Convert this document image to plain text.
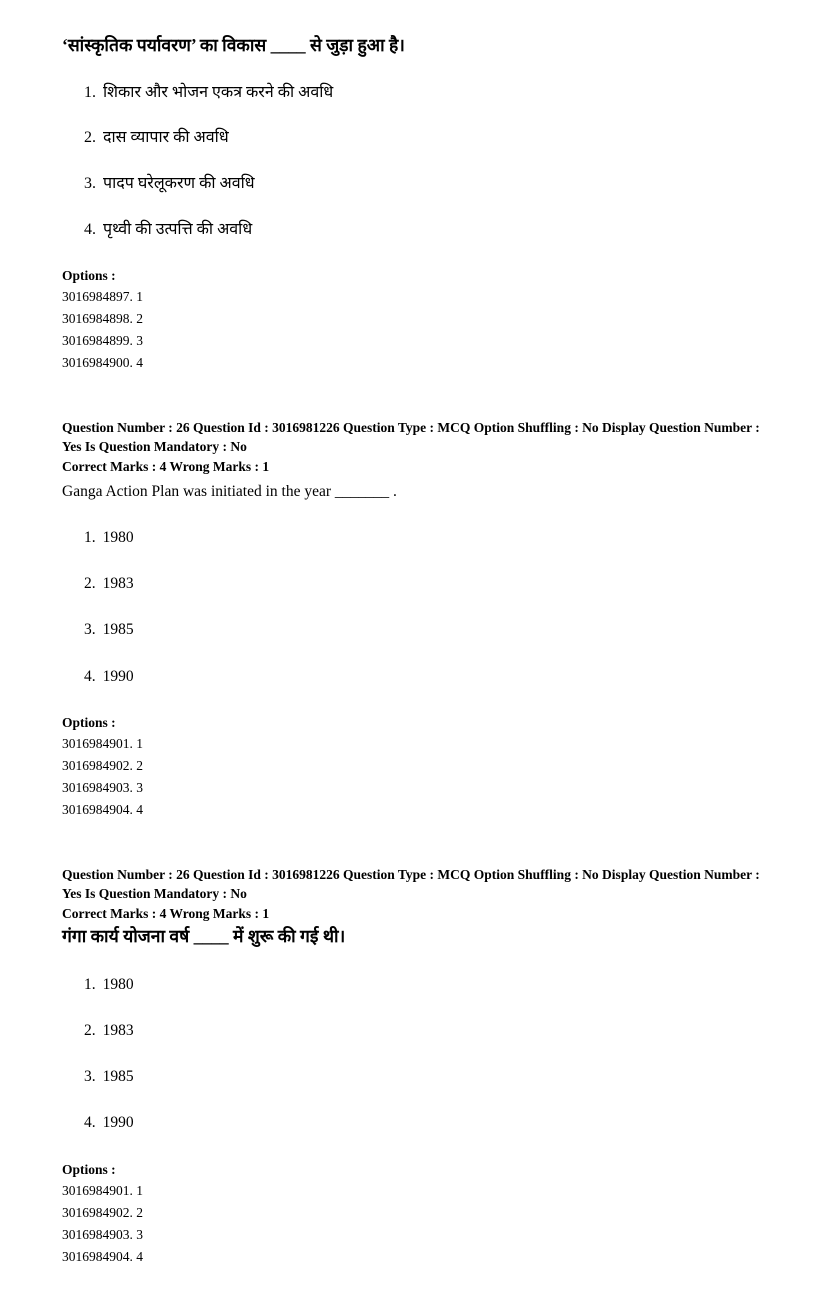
‘सांस्कृतिक पर्यावरण’ का विकास ____ से जुड़ा हुआ है।
1. शिकार और भोजन एकत्र करने की अवधि
2. दास व्यापार की अवधि
3. पादप घरेलूकरण की अवधि
4. पृथ्वी की उत्पत्ति की अवधि
Options :
3016984897. 1
3016984898. 2
3016984899. 3
3016984900. 4
Question Number : 26 Question Id : 3016981226 Question Type : MCQ Option Shuffling : No Display Question Number : Yes Is Question Mandatory : No
Correct Marks : 4 Wrong Marks : 1
Ganga Action Plan was initiated in the year _______ .
1. 1980
2. 1983
3. 1985
4. 1990
Options :
3016984901. 1
3016984902. 2
3016984903. 3
3016984904. 4
Question Number : 26 Question Id : 3016981226 Question Type : MCQ Option Shuffling : No Display Question Number : Yes Is Question Mandatory : No
Correct Marks : 4 Wrong Marks : 1
गंगा कार्य योजना वर्ष ____ में शुरू की गई थी।
1. 1980
2. 1983
3. 1985
4. 1990
Options :
3016984901. 1
3016984902. 2
3016984903. 3
3016984904. 4
